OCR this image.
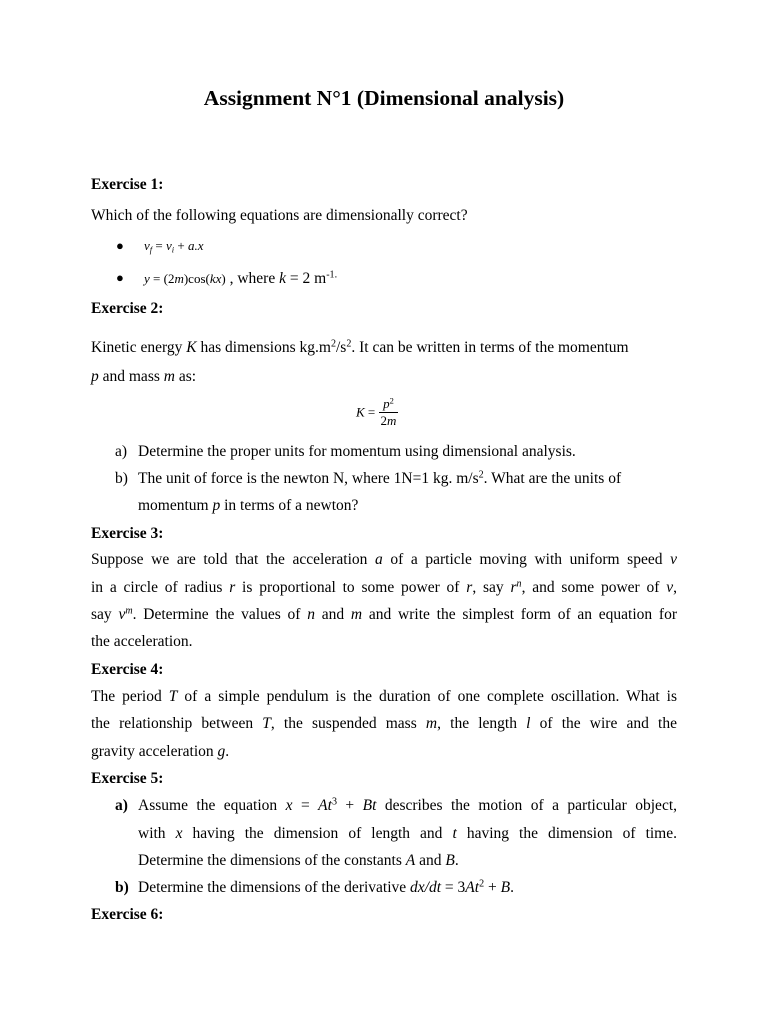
Assignment N°1 (Dimensional analysis)
Exercise 1:
Which of the following equations are dimensionally correct?
● $v_f = v_i + a.x$
● y = (2m)cos(kx) , where k = 2 $m^{-1.}$
Exercise 2:
Kinetic energy K has dimensions $kg.m^2/s^2$. It can be written in terms of the momentum
p and mass m as:
$K = \frac{p^2}{2m}$
a) Determine the proper units for momentum using dimensional analysis.
b) The unit of force is the newton N, where 1N=1 kg. $m/s^2$. What are the units of
momentum p in terms of a newton?
Exercise 3:
Suppose we are told that the acceleration a of a particle moving with uniform speed v
in a circle of radius r is proportional to some power of r, say $r^n$, and some power of v,
say $v^m$. Determine the values of n and m and write the simplest form of an equation for
the acceleration.
Exercise 4:
The period T of a simple pendulum is the duration of one complete oscillation. What is
the relationship between T, the suspended mass m, the length l of the wire and the
gravity acceleration g.
Exercise 5:
a) Assume the equation $x = At^3 + Bt$ describes the motion of a particular object,
with x having the dimension of length and t having the dimension of time.
Determine the dimensions of the constants A and B.
b) Determine the dimensions of the derivative $dx/dt = 3At^2 + B$.
Exercise 6:
